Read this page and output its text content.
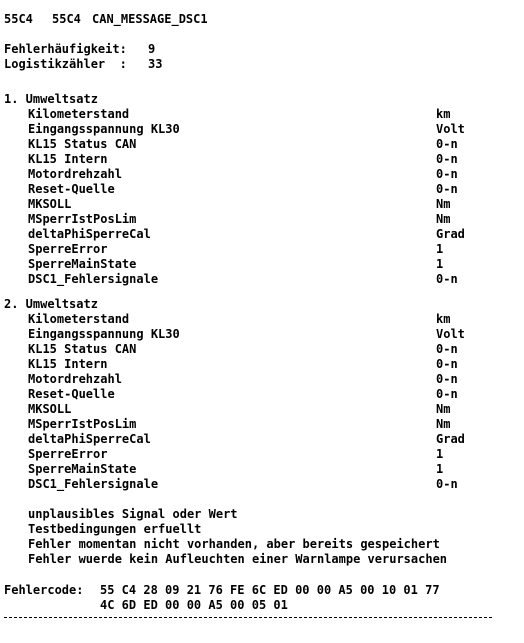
55C4

55C4

CAN_MESSAGE_DSC1

Fehlerhäufigkeit:

9

Logistikzähler  :

33

1. Umweltsatz
Kilometerstand	km
Eingangsspannung KL30	Volt
KL15 Status CAN	0-n
KL15 Intern	0-n
Motordrehzahl	0-n
Reset-Quelle	0-n
MKSOLL	Nm
MSperrIstPosLim	Nm
deltaPhiSperreCal	Grad
SperreError	1
SperreMainState	1
DSC1_Fehlersignale	0-n
2. Umweltsatz
Kilometerstand	km
Eingangsspannung KL30	Volt
KL15 Status CAN	0-n
KL15 Intern	0-n
Motordrehzahl	0-n
Reset-Quelle	0-n
MKSOLL	Nm
MSperrIstPosLim	Nm
deltaPhiSperreCal	Grad
SperreError	1
SperreMainState	1
DSC1_Fehlersignale	0-n

unplausibles Signal oder Wert

Testbedingungen erfuellt

Fehler momentan nicht vorhanden, aber bereits gespeichert

Fehler wuerde kein Aufleuchten einer Warnlampe verursachen

Fehlercode:

55 C4 28 09 21 76 FE 6C ED 00 00 A5 00 10 01 77

4C 6D ED 00 00 A5 00 05 01
